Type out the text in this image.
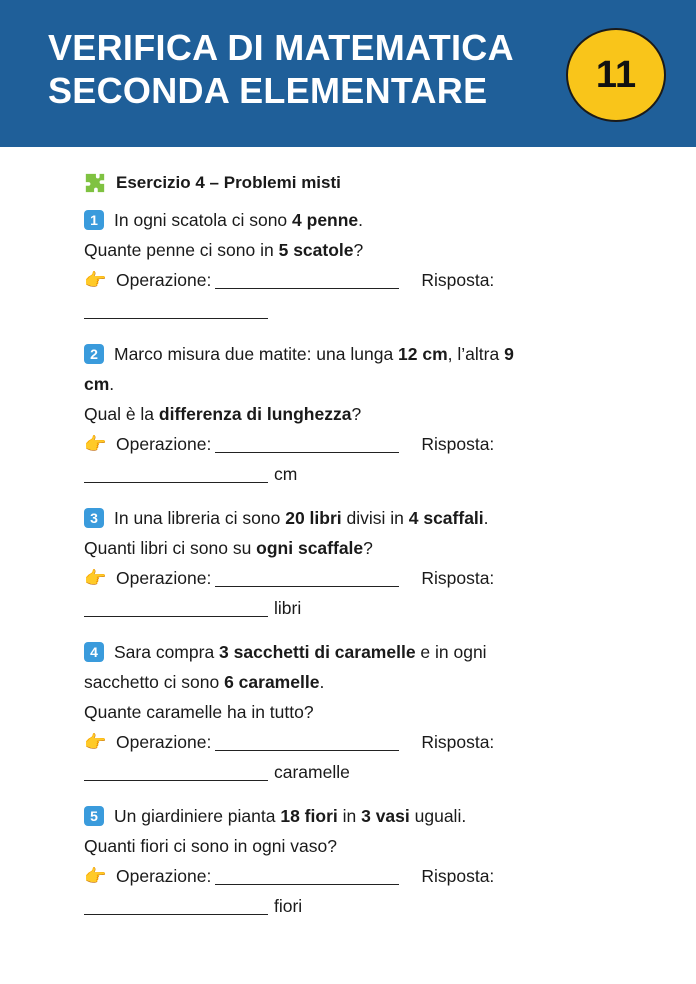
VERIFICA DI MATEMATICA
SECONDA ELEMENTARE	11
Esercizio 4 – Problemi misti
1 In ogni scatola ci sono 4 penne.
Quante penne ci sono in 5 scatole?
👉 Operazione:	Risposta:
2 Marco misura due matite: una lunga 12 cm, l’altra 9
cm.
Qual è la differenza di lunghezza?
👉 Operazione:	Risposta:
cm
3 In una libreria ci sono 20 libri divisi in 4 scaffali.
Quanti libri ci sono su ogni scaffale?
👉 Operazione:	Risposta:
libri
4 Sara compra 3 sacchetti di caramelle e in ogni
sacchetto ci sono 6 caramelle.
Quante caramelle ha in tutto?
👉 Operazione:	Risposta:
caramelle
5 Un giardiniere pianta 18 fiori in 3 vasi uguali.
Quanti fiori ci sono in ogni vaso?
👉 Operazione:	Risposta:
fiori
